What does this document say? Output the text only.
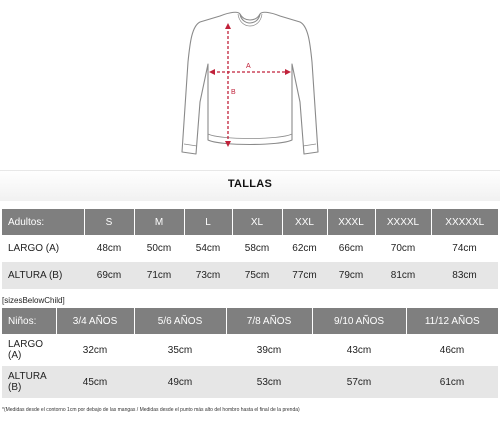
A
B
TALLAS
Adultos:	S	M	L	XL	XXL	XXXL	XXXXL	XXXXXL
LARGO (A)	48cm	50cm	54cm	58cm	62cm	66cm	70cm	74cm
ALTURA (B)	69cm	71cm	73cm	75cm	77cm	79cm	81cm	83cm
[sizesBelowChild]
Niños:	3/4 AÑOS	5/6 AÑOS	7/8 AÑOS	9/10 AÑOS	11/12 AÑOS
LARGO
(A)	32cm	35cm	39cm	43cm	46cm
ALTURA
(B)	45cm	49cm	53cm	57cm	61cm
*(Medidas desde el contorno 1cm por debajo de las mangas / Medidas desde el punto más alto del hombro hasta el final de la prenda)
